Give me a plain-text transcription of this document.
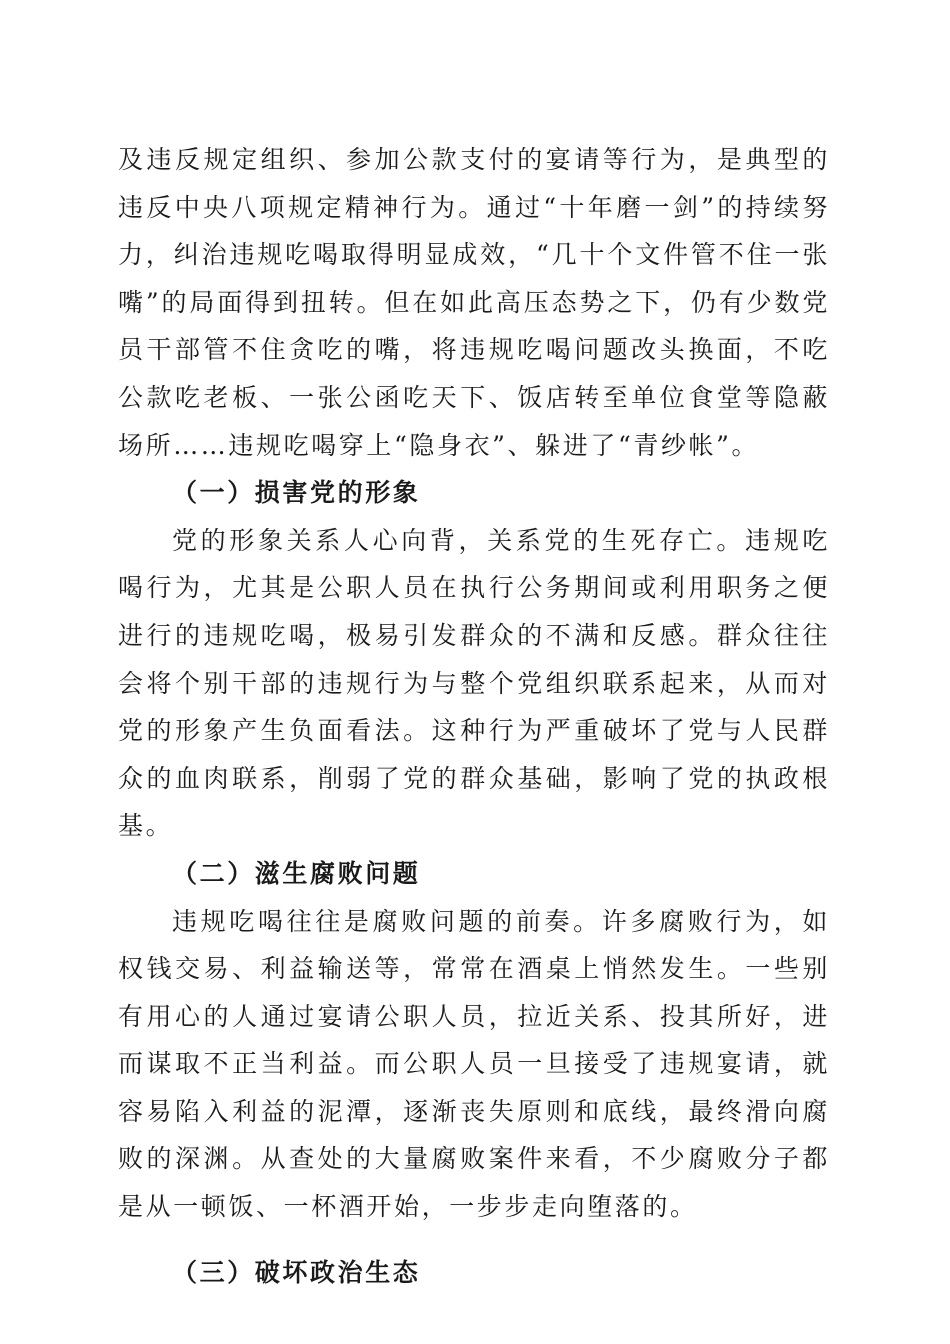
及违反规定组织、参加公款支付的宴请等行为，是典型的违反中央八项规定精神行为。通过“十年磨一剑”的持续努力，纠治违规吃喝取得明显成效，“几十个文件管不住一张嘴”的局面得到扭转。但在如此高压态势之下，仍有少数党员干部管不住贪吃的嘴，将违规吃喝问题改头换面，不吃公款吃老板、一张公函吃天下、饭店转至单位食堂等隐蔽场所……违规吃喝穿上“隐身衣”、躲进了“青纱帐”。

（一）损害党的形象

党的形象关系人心向背，关系党的生死存亡。违规吃喝行为，尤其是公职人员在执行公务期间或利用职务之便进行的违规吃喝，极易引发群众的不满和反感。群众往往会将个别干部的违规行为与整个党组织联系起来，从而对党的形象产生负面看法。这种行为严重破坏了党与人民群众的血肉联系，削弱了党的群众基础，影响了党的执政根基。

（二）滋生腐败问题

违规吃喝往往是腐败问题的前奏。许多腐败行为，如权钱交易、利益输送等，常常在酒桌上悄然发生。一些别有用心的人通过宴请公职人员，拉近关系、投其所好，进而谋取不正当利益。而公职人员一旦接受了违规宴请，就容易陷入利益的泥潭，逐渐丧失原则和底线，最终滑向腐败的深渊。从查处的大量腐败案件来看，不少腐败分子都是从一顿饭、一杯酒开始，一步步走向堕落的。

（三）破坏政治生态
